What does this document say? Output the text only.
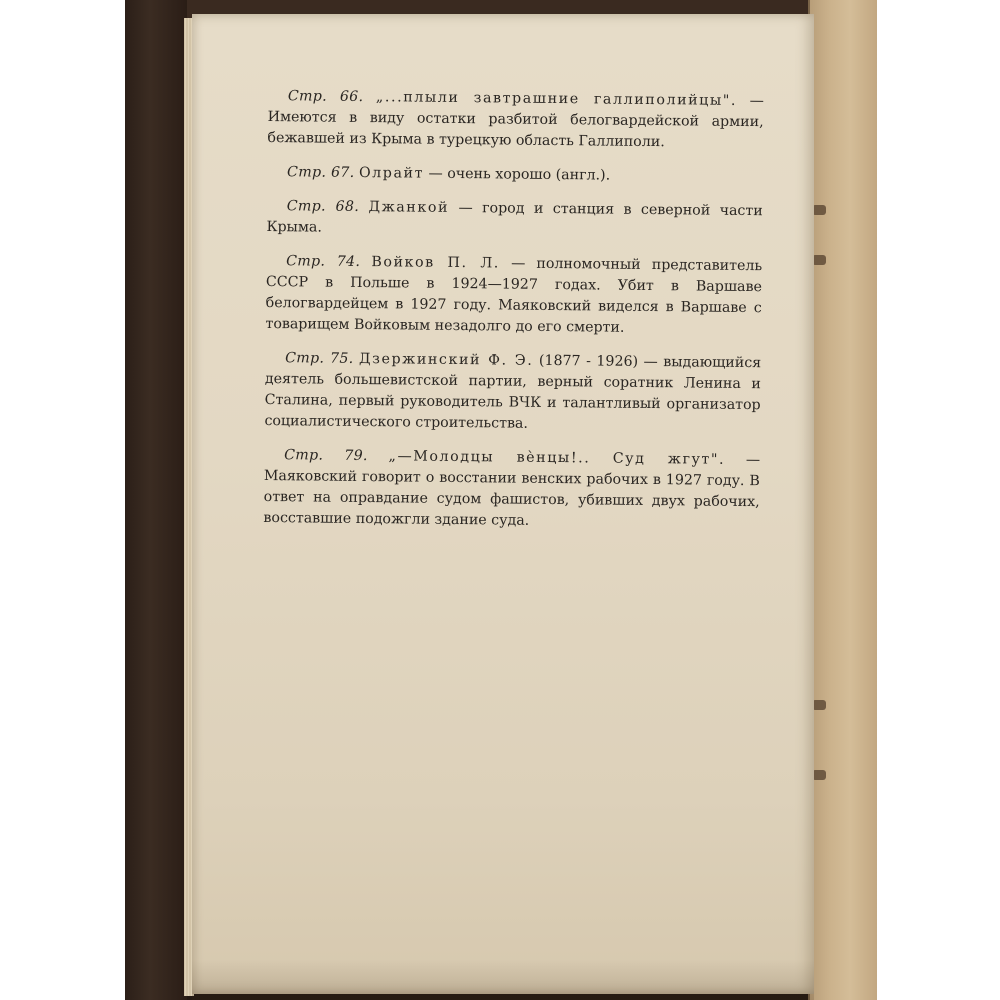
Стр. 66. „...плыли завтрашние галлиполийцы". — Имеются в виду остатки разбитой белогвардейской армии, бежавшей из Крыма в турецкую область Галлиполи.

Стр. 67. Олрайт — очень хорошо (англ.).

Стр. 68. Джанкой — город и станция в северной части Крыма.

Стр. 74. Войков П. Л. — полномочный представитель СССР в Польше в 1924—1927 годах. Убит в Варшаве белогвардейцем в 1927 году. Маяковский виделся в Варшаве с товарищем Войковым незадолго до его смерти.

Стр. 75. Дзержинский Ф. Э. (1877 - 1926) — выдающийся деятель большевистской партии, верный соратник Ленина и Сталина, первый руководитель ВЧК и талантливый организатор социалистического строительства.

Стр. 79. „—Молодцы вѐнцы!.. Суд жгут". — Маяковский говорит о восстании венских рабочих в 1927 году. В ответ на оправдание судом фашистов, убивших двух рабочих, восставшие подожгли здание суда.
